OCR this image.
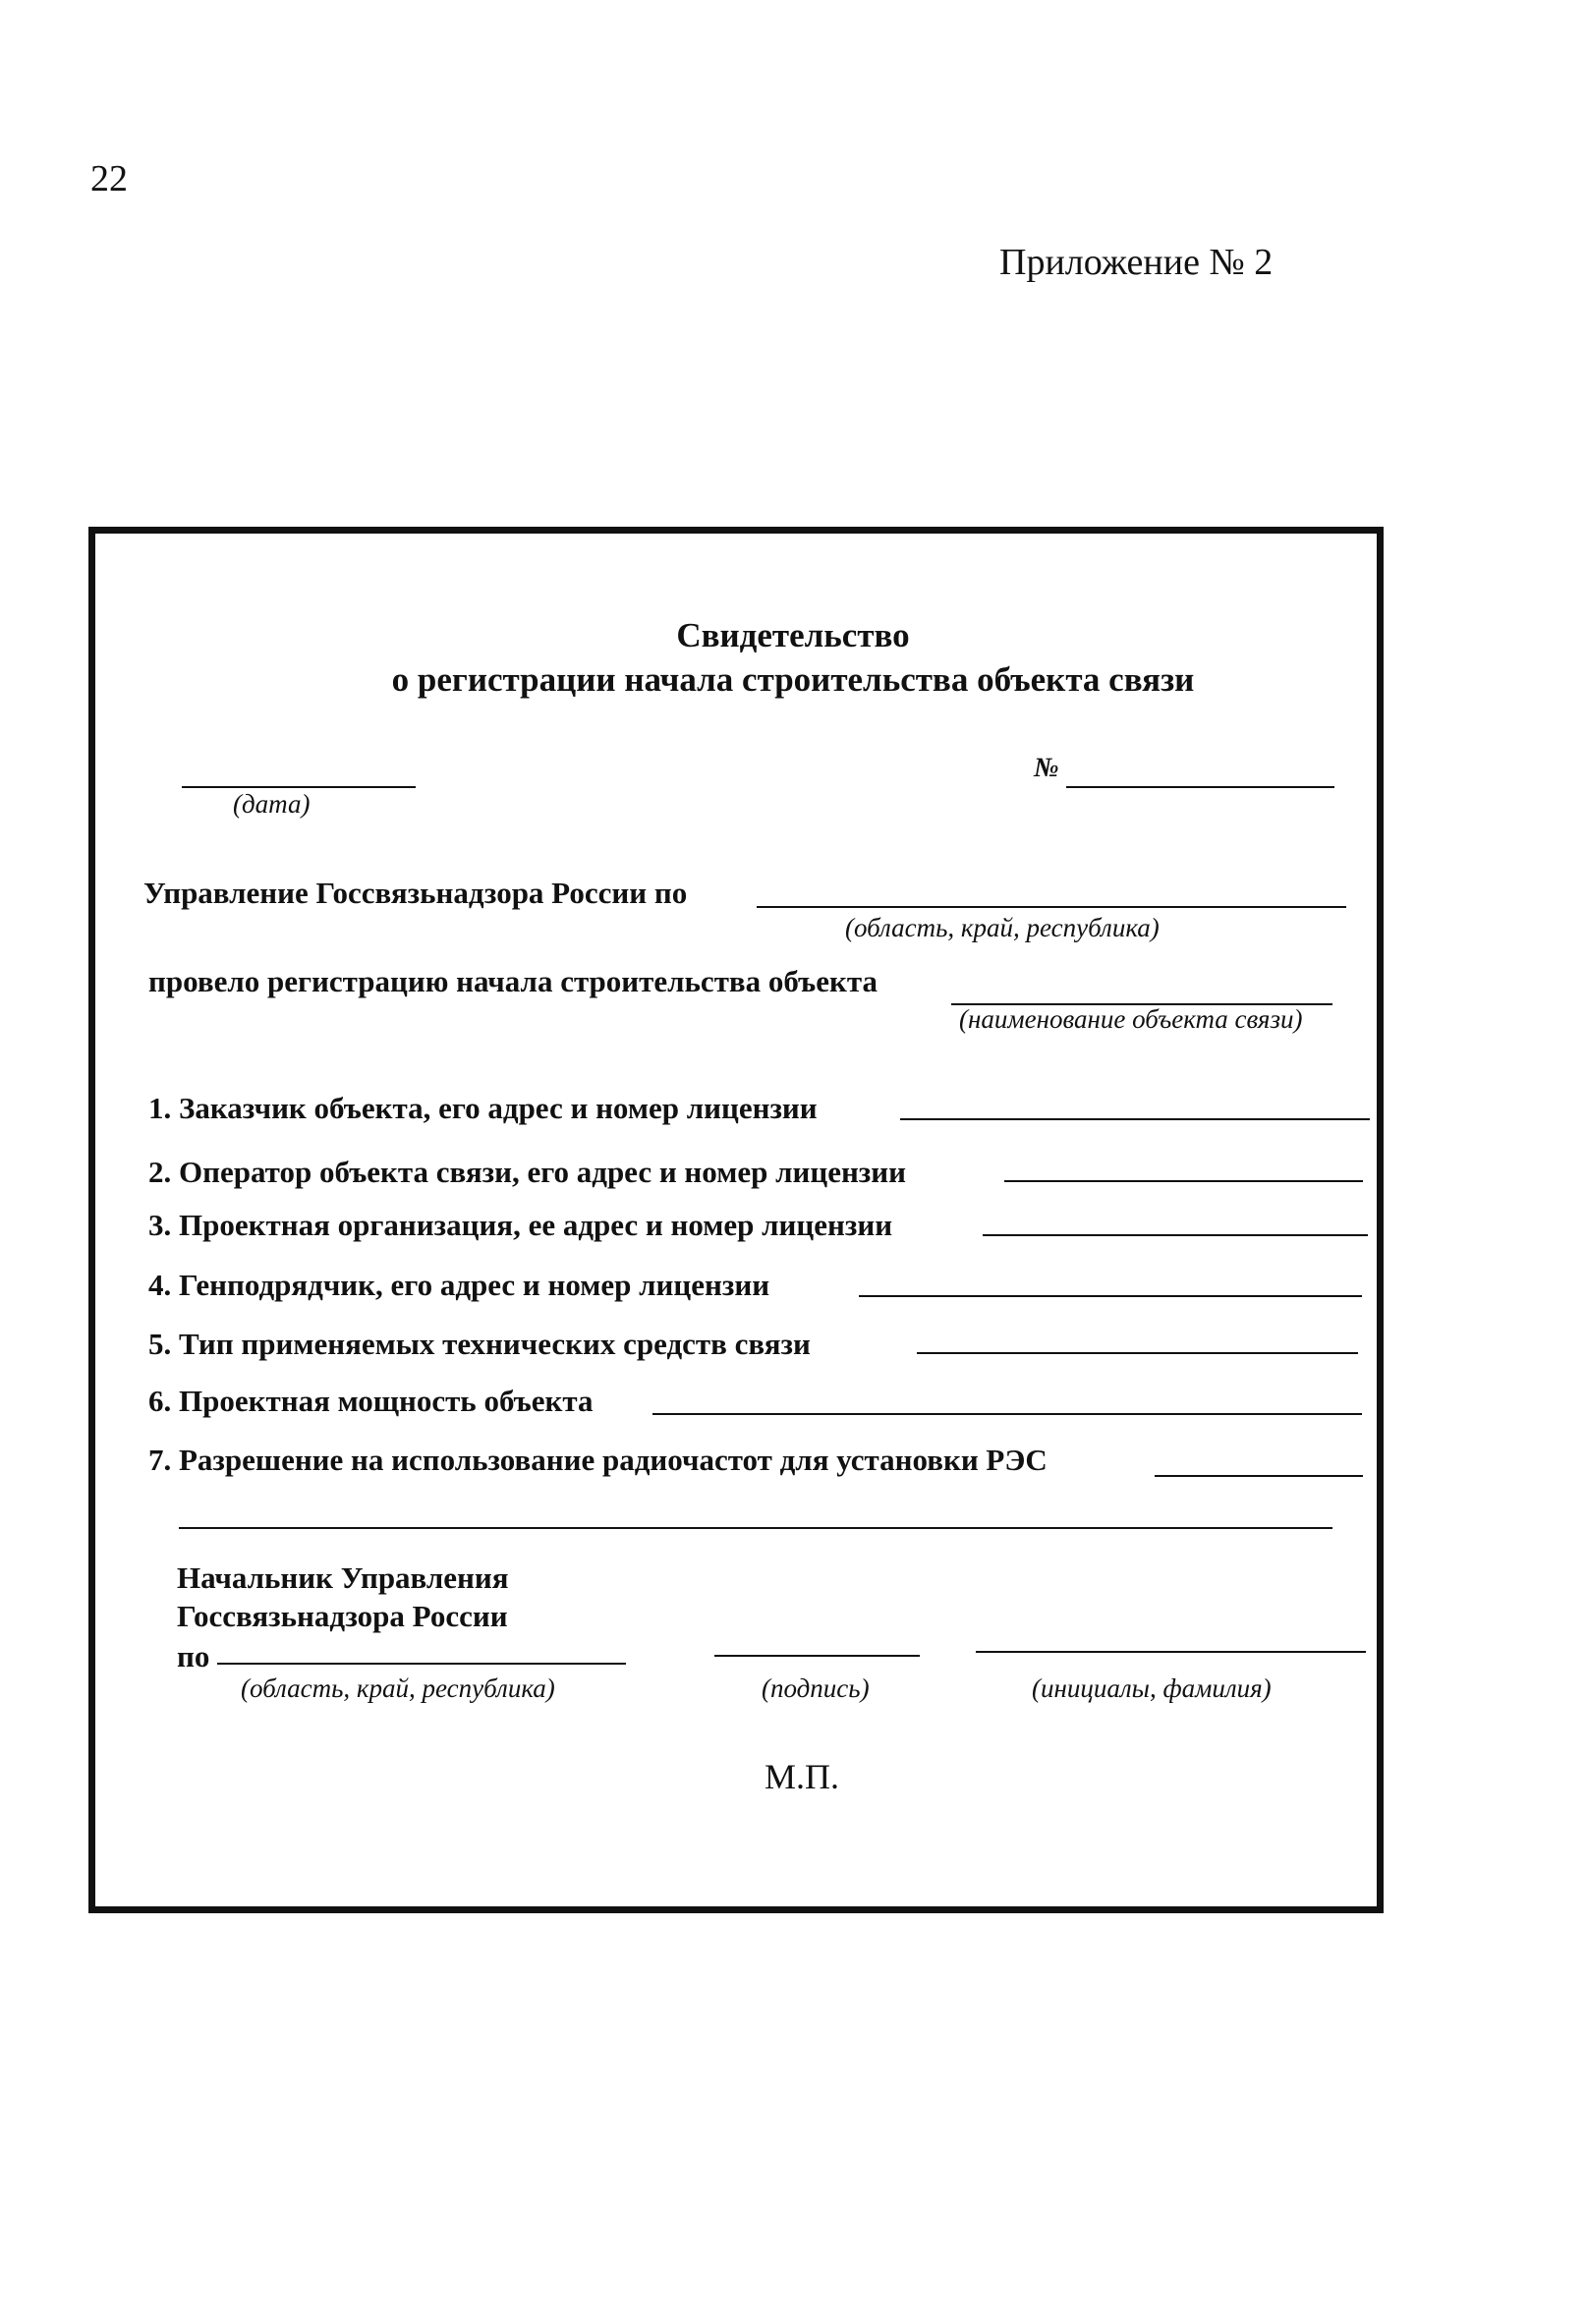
22
Приложение № 2
Свидетельство
о регистрации начала строительства объекта связи
(дата)
№
Управление Госсвязьнадзора России по
(область, край, республика)
провело регистрацию начала строительства объекта
(наименование объекта связи)
1. Заказчик объекта, его адрес и номер лицензии
2. Оператор объекта связи, его адрес и номер лицензии
3. Проектная организация, ее адрес и номер лицензии
4. Генподрядчик, его адрес и номер лицензии
5. Тип применяемых технических средств связи
6. Проектная мощность объекта
7. Разрешение на использование радиочастот для установки РЭС
Начальник Управления
Госсвязьнадзора России
по
(область, край, республика)	(подпись)	(инициалы, фамилия)
М.П.
